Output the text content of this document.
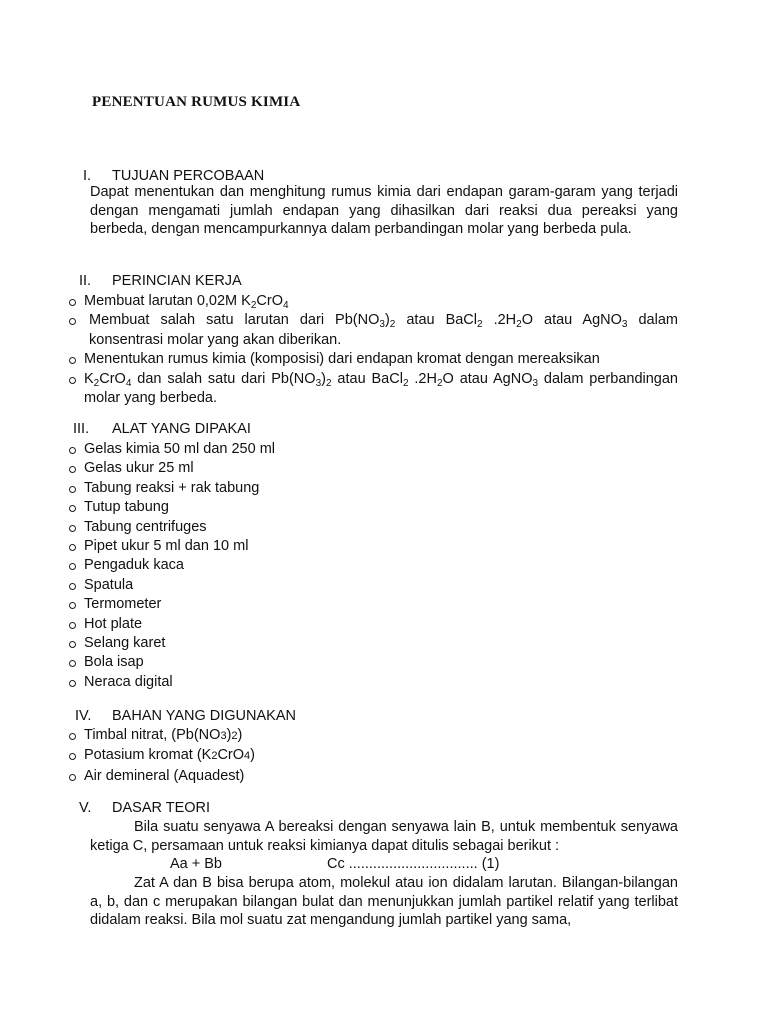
PENENTUAN RUMUS KIMIA
I. TUJUAN PERCOBAAN

Dapat menentukan dan menghitung rumus kimia dari endapan garam-garam yang terjadi dengan mengamati jumlah endapan yang dihasilkan dari reaksi dua pereaksi yang berbeda, dengan mencampurkannya dalam perbandingan molar yang berbeda pula.

II. PERINCIAN KERJA
Membuat larutan 0,02M $K_2CrO_4$
Membuat salah satu larutan dari $Pb(NO_3)_2$ atau BaCl$_2$ $.2H_2O$ atau AgNO$_3$ dalam konsentrasi molar yang akan diberikan.
Menentukan rumus kimia (komposisi) dari endapan kromat dengan mereaksikan
$K_2CrO_4$ dan salah satu dari $Pb(NO_3)_2$ atau BaCl$_2$ $.2H_2O$ atau AgNO$_3$ dalam perbandingan molar yang berbeda.
III. ALAT YANG DIPAKAI
Gelas kimia 50 ml dan 250 ml
Gelas ukur 25 ml
Tabung reaksi + rak tabung
Tutup tabung
Tabung centrifuges
Pipet ukur 5 ml dan 10 ml
Pengaduk kaca
Spatula
Termometer
Hot plate
Selang karet
Bola isap
Neraca digital
IV. BAHAN YANG DIGUNAKAN
Timbal nitrat, (Pb(NO3)2)
Potasium kromat (K2CrO4)
Air demineral (Aquadest)
V. DASAR TEORI

Bila suatu senyawa A bereaksi dengan senyawa lain B, untuk membentuk senyawa ketiga C, persamaan untuk reaksi kimianya dapat ditulis sebagai berikut :

Aa + Bb	Cc ................................ (1)

Zat A dan B bisa berupa atom, molekul atau ion didalam larutan. Bilangan-bilangan a, b, dan c merupakan bilangan bulat dan menunjukkan jumlah partikel relatif yang terlibat didalam reaksi. Bila mol suatu zat mengandung jumlah partikel yang sama,
